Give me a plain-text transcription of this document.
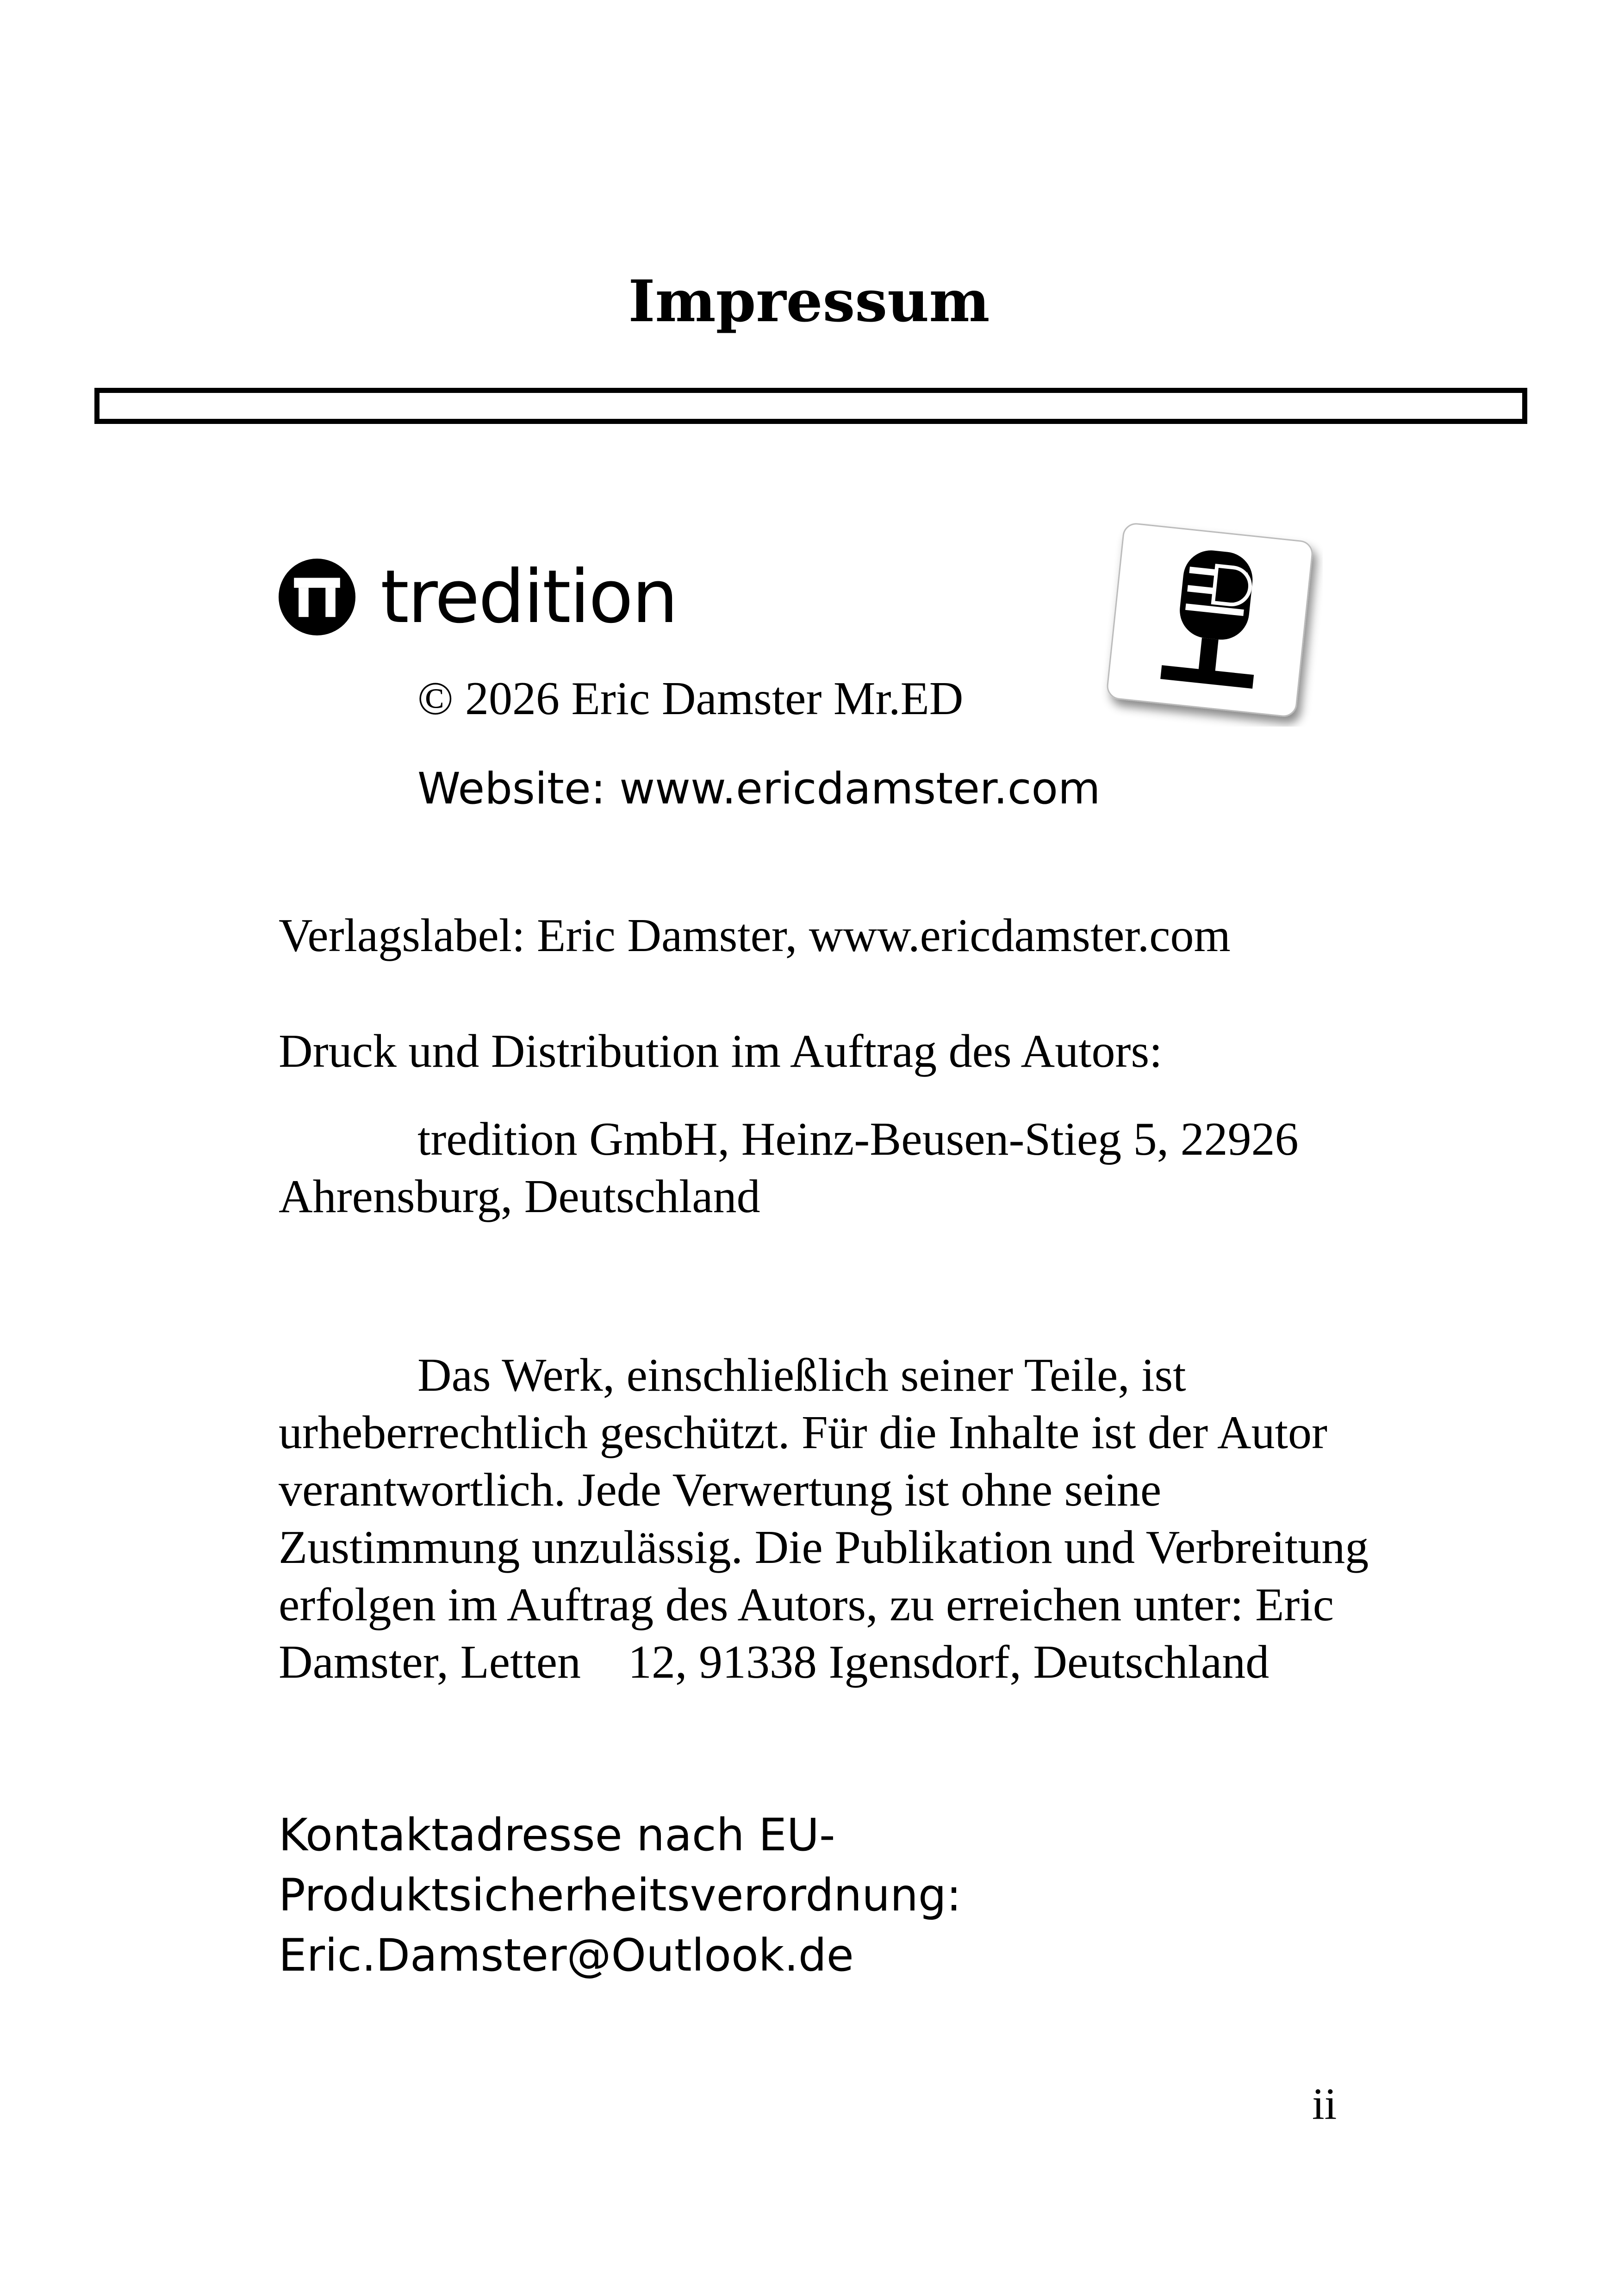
Impressum
tredition
© 2026 Eric Damster Mr.ED
Website: www.ericdamster.com

Verlagslabel: Eric Damster, www.ericdamster.com

Druck und Distribution im Auftrag des Autors:

tredition GmbH, Heinz-Beusen-Stieg 5, 22926 Ahrensburg, Deutschland

Das Werk, einschließlich seiner Teile, ist urheberrechtlich geschützt. Für die Inhalte ist der Autor verantwortlich. Jede Verwertung ist ohne seine Zustimmung unzulässig. Die Publikation und Verbreitung erfolgen im Auftrag des Autors, zu erreichen unter: Eric Damster, Letten    12, 91338 Igensdorf, Deutschland

Kontaktadresse nach EU-
Produktsicherheitsverordnung:
Eric.Damster@Outlook.de
ii
